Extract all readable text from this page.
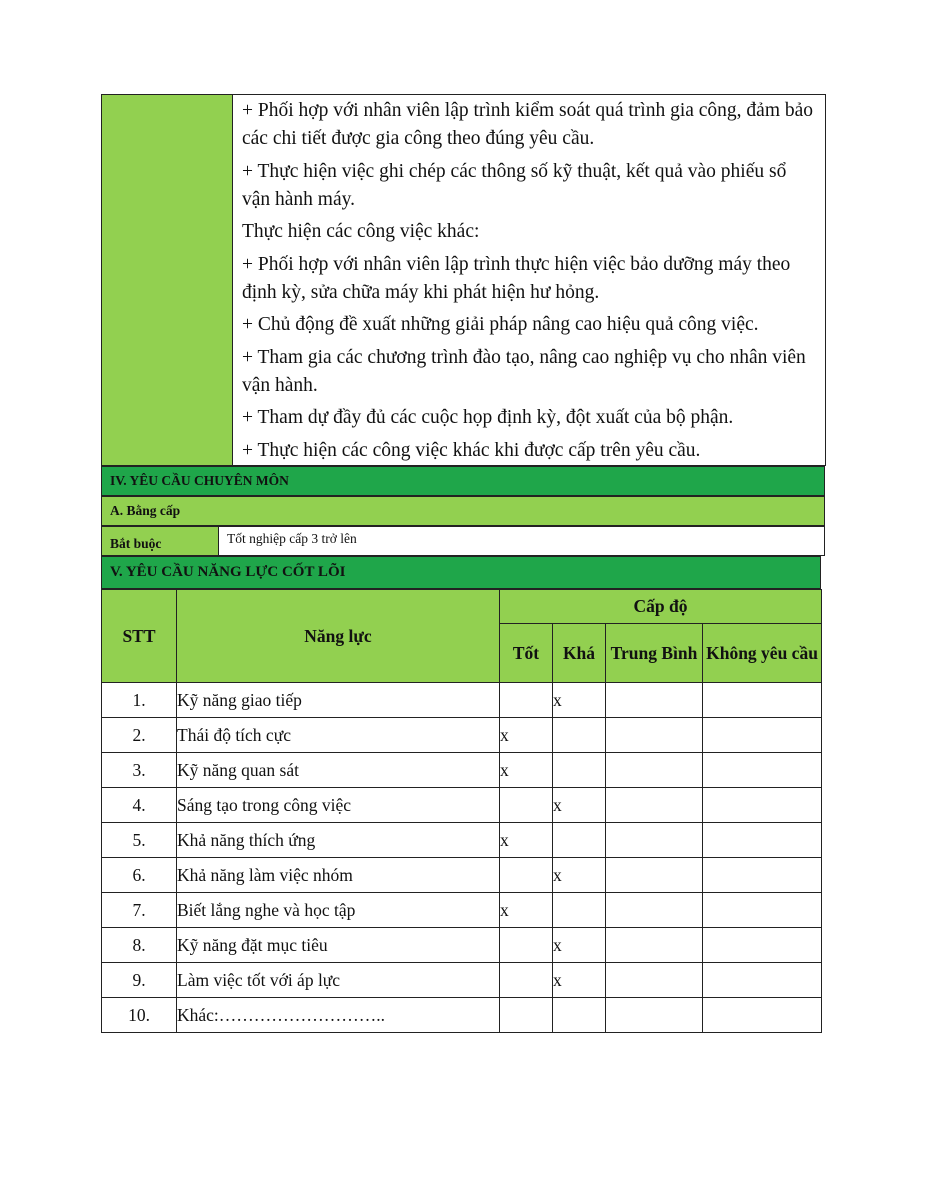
+ Phối hợp với nhân viên lập trình kiểm soát quá trình gia công, đảm bảo các chi tiết được gia công theo đúng yêu cầu.

+ Thực hiện việc ghi chép các thông số kỹ thuật, kết quả vào phiếu sổ vận hành máy.

Thực hiện các công việc khác:

+ Phối hợp với nhân viên lập trình thực hiện việc bảo dưỡng máy theo định kỳ, sửa chữa máy khi phát hiện hư hỏng.

+ Chủ động đề xuất những giải pháp nâng cao hiệu quả công việc.

+ Tham gia các chương trình đào tạo, nâng cao nghiệp vụ cho nhân viên vận hành.

+ Tham dự đầy đủ các cuộc họp định kỳ, đột xuất của bộ phận.

+ Thực hiện các công việc khác khi được cấp trên yêu cầu.

IV. YÊU CẦU CHUYÊN MÔN
A. Bằng cấp
Bắt buộc	Tốt nghiệp cấp 3 trở lên
V. YÊU CẦU NĂNG LỰC CỐT LÕI
STT	Năng lực	Cấp độ			
		Tốt	Khá	Trung Bình	Không yêu cầu
1.	Kỹ năng giao tiếp		x		
2.	Thái độ tích cực	x			
3.	Kỹ năng quan sát	x			
4.	Sáng tạo trong công việc		x		
5.	Khả năng thích ứng	x			
6.	Khả năng làm việc nhóm		x		
7.	Biết lắng nghe và học tập	x			
8.	Kỹ năng đặt mục tiêu		x		
9.	Làm việc tốt với áp lực		x		
10.	Khác:………………………..				
